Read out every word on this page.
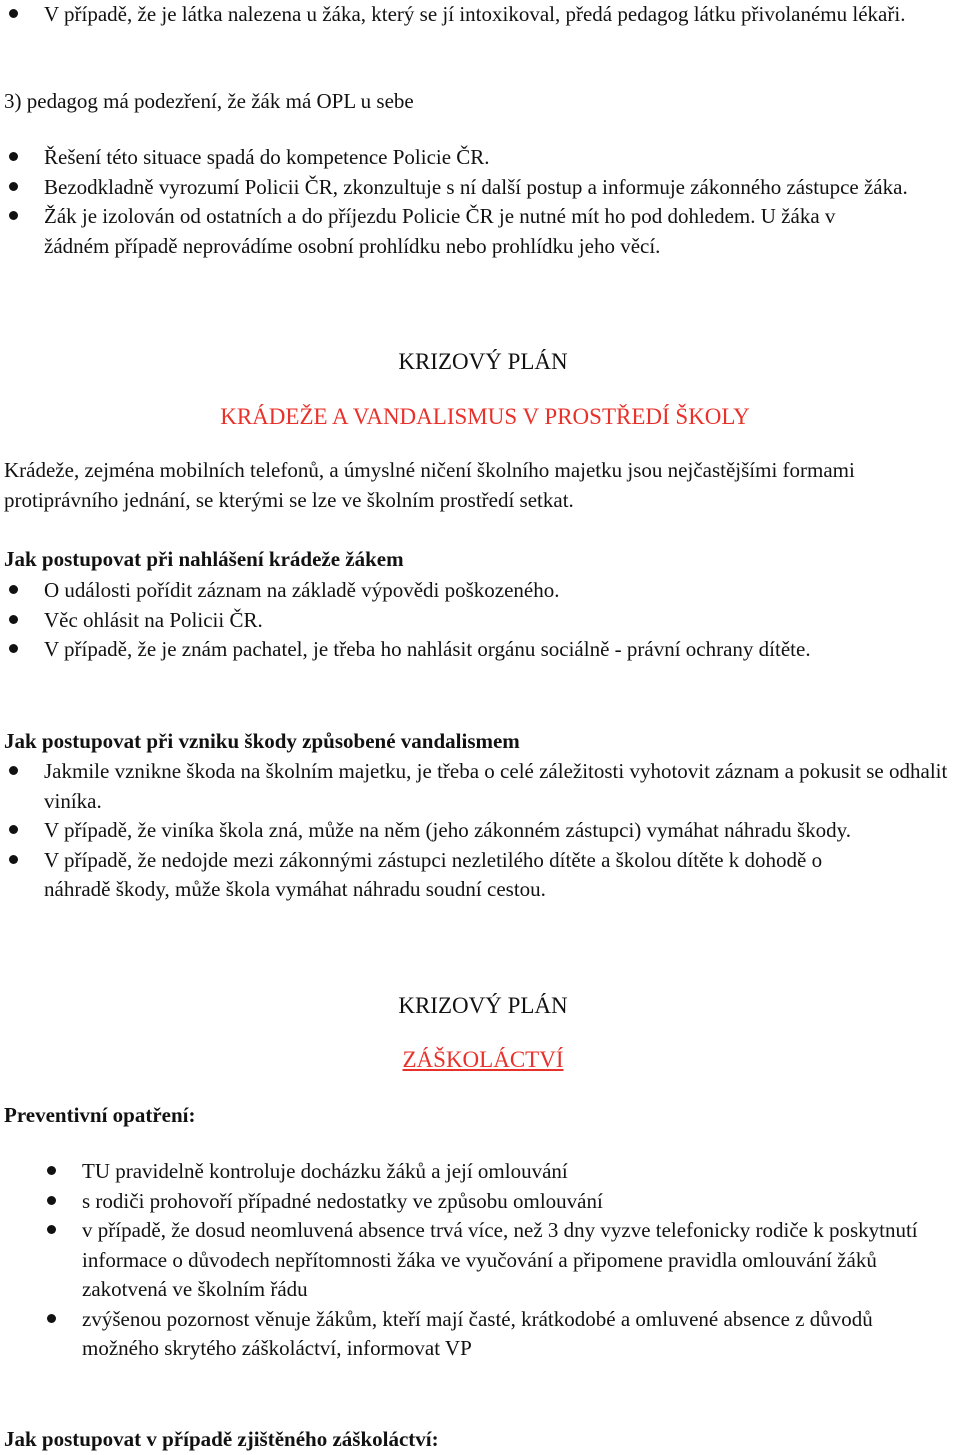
V případě, že je látka nalezena u žáka, který se jí intoxikoval, předá pedagog látku přivolanému lékaři.
3) pedagog má podezření, že žák má OPL u sebe
Řešení této situace spadá do kompetence Policie ČR.
Bezodkladně vyrozumí Policii ČR, zkonzultuje s ní další postup a informuje zákonného zástupce žáka.
Žák je izolován od ostatních a do příjezdu Policie ČR je nutné mít ho pod dohledem. U žáka v žádném případě neprovádíme osobní prohlídku nebo prohlídku jeho věcí.
KRIZOVÝ PLÁN
KRÁDEŽE A VANDALISMUS V PROSTŘEDÍ ŠKOLY
Krádeže, zejména mobilních telefonů, a úmyslné ničení školního majetku jsou nejčastějšími formami protiprávního jednání, se kterými se lze ve školním prostředí setkat.
Jak postupovat při nahlášení krádeže žákem
O události pořídit záznam na základě výpovědi poškozeného.
Věc ohlásit na Policii ČR.
V případě, že je znám pachatel, je třeba ho nahlásit orgánu sociálně - právní ochrany dítěte.
Jak postupovat při vzniku škody způsobené vandalismem
Jakmile vznikne škoda na školním majetku, je třeba o celé záležitosti vyhotovit záznam a pokusit se odhalit viníka.
V případě, že viníka škola zná, může na něm (jeho zákonném zástupci) vymáhat náhradu škody.
V případě, že nedojde mezi zákonnými zástupci nezletilého dítěte a školou dítěte k dohodě o náhradě škody, může škola vymáhat náhradu soudní cestou.
KRIZOVÝ PLÁN
ZÁŠKOLÁCTVÍ
Preventivní opatření:
TU pravidelně kontroluje docházku žáků a její omlouvání
s rodiči prohovoří případné nedostatky ve způsobu omlouvání
v případě, že dosud neomluvená absence trvá více, než 3 dny vyzve telefonicky rodiče k poskytnutí informace o důvodech nepřítomnosti žáka ve vyučování a připomene pravidla omlouvání žáků zakotvená ve školním řádu
zvýšenou pozornost věnuje žákům, kteří mají časté, krátkodobé a omluvené absence z důvodů možného skrytého záškoláctví, informovat VP
Jak postupovat v případě zjištěného záškoláctví:
